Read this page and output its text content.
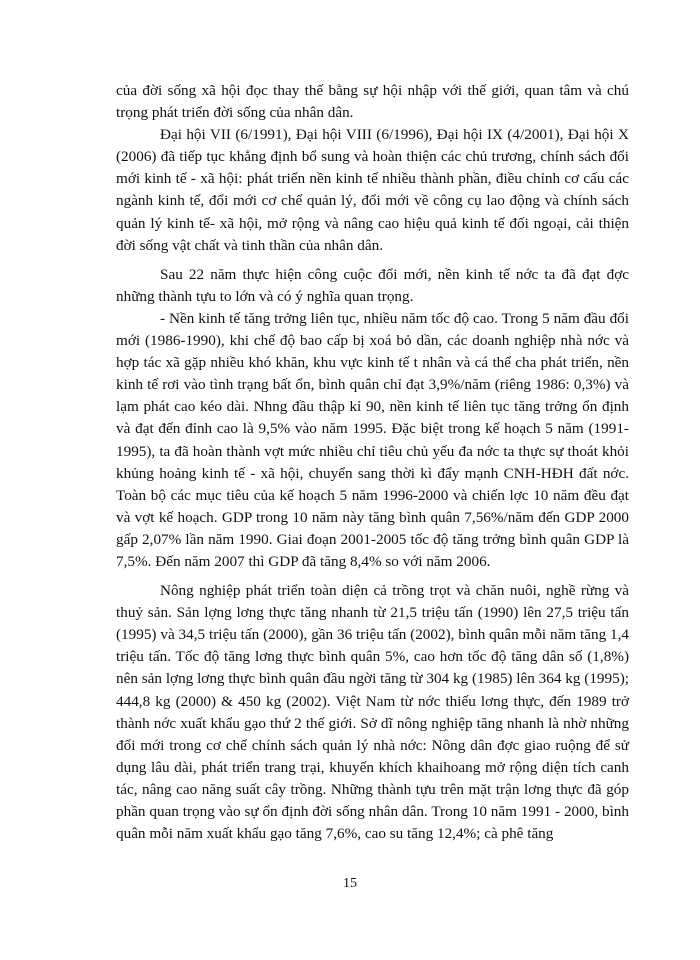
của đời sống xã hội đọc thay thế bằng sự hội nhập với thế giới, quan tâm và chú trọng phát triển đời sống của nhân dân.

Đại hội VII (6/1991), Đại hội VIII (6/1996), Đại hội IX (4/2001), Đại hội X (2006) đã tiếp tục khẳng định bổ sung và hoàn thiện các chủ trương, chính sách đổi mới kinh tế - xã hội: phát triển nền kinh tế nhiều thành phần, điều chỉnh cơ cấu các ngành kinh tế, đổi mới cơ chế quản lý, đổi mới về công cụ lao động và chính sách quản lý kinh tế- xã hội, mở rộng và nâng cao hiệu quả kinh tế đối ngoại, cải thiện đời sống vật chất và tinh thần của nhân dân.

Sau 22 năm thực hiện công cuộc đổi mới, nền kinh tế nớc ta đã đạt đợc những thành tựu to lớn và có ý nghĩa quan trọng.

- Nền kinh tế tăng trởng liên tục, nhiều năm tốc độ cao. Trong 5 năm đầu đổi mới (1986-1990), khi chế độ bao cấp bị xoá bỏ dần, các doanh nghiệp nhà nớc và hợp tác xã gặp nhiều khó khăn, khu vực kinh tế t nhân và cá thể cha phát triển, nền kinh tế rơi vào tình trạng bất ổn, bình quân chỉ đạt 3,9%/năm (riêng 1986: 0,3%) và lạm phát cao kéo dài. Nhng đầu thập kỉ 90, nền kinh tế liên tục tăng trởng ổn định và đạt đến đỉnh cao là 9,5% vào năm 1995. Đặc biệt trong kế hoạch 5 năm (1991-1995), ta đã hoàn thành vợt mức nhiều chỉ tiêu chủ yếu đa nớc ta thực sự thoát khỏi khủng hoảng kinh tế - xã hội, chuyển sang thời kì đẩy mạnh CNH-HĐH đất nớc. Toàn bộ các mục tiêu của kế hoạch 5 năm 1996-2000 và chiến lợc 10 năm đều đạt và vợt kế hoạch. GDP trong 10 năm này tăng bình quân 7,56%/năm đến GDP 2000 gấp 2,07% lần năm 1990. Giai đoạn 2001-2005 tốc độ tăng trởng bình quân GDP là 7,5%. Đến năm 2007 thì GDP đã tăng 8,4% so với năm 2006.

Nông nghiệp phát triển toàn diện cả trồng trọt và chăn nuôi, nghề rừng và thuỷ sản. Sản lợng lơng thực tăng nhanh từ 21,5 triệu tấn (1990) lên 27,5 triệu tấn (1995) và 34,5 triệu tấn (2000), gần 36 triệu tấn (2002), bình quân mỗi năm tăng 1,4 triệu tấn. Tốc độ tăng lơng thực bình quân 5%, cao hơn tốc độ tăng dân số (1,8%) nên sản lợng lơng thực bình quân đầu ngời tăng từ 304 kg (1985) lên 364 kg (1995); 444,8 kg (2000) & 450 kg (2002). Việt Nam từ nớc thiếu lơng thực, đến 1989 trở thành nớc xuất khẩu gạo thứ 2 thế giới. Sở dĩ nông nghiệp tăng nhanh là nhờ những đổi mới trong cơ chế chính sách quản lý nhà nớc: Nông dân đợc giao ruộng để sử dụng lâu dài, phát triển trang trại, khuyến khích khaihoang mở rộng diện tích canh tác, nâng cao năng suất cây trồng. Những thành tựu trên mặt trận lơng thực đã góp phần quan trọng vào sự ổn định đời sống nhân dân. Trong 10 năm 1991 - 2000, bình quân mỗi năm xuất khẩu gạo tăng 7,6%, cao su tăng 12,4%; cà phê tăng

15
